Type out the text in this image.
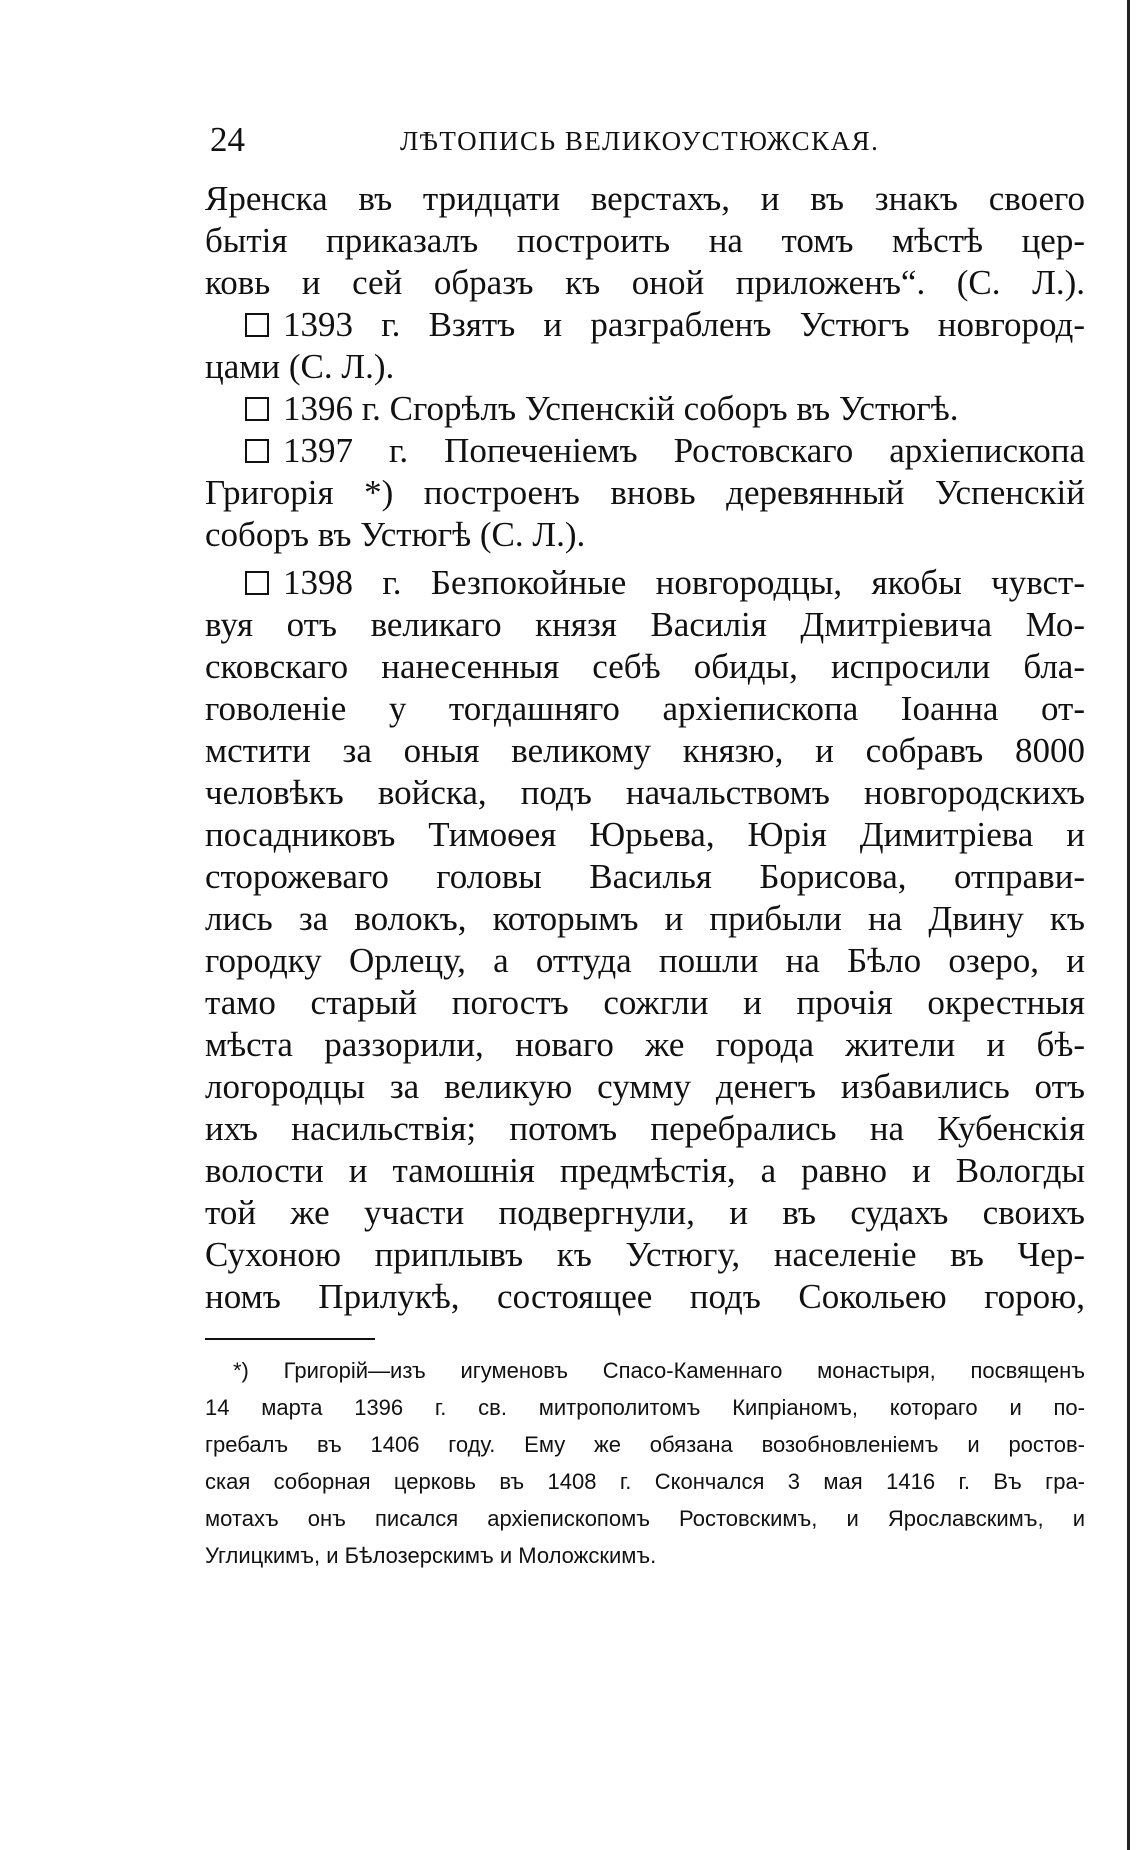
24	ЛѢТОПИСЬ ВЕЛИКОУСТЮЖСКАЯ.
Яренска въ тридцати верстахъ, и въ знакъ своего
бытія приказалъ построить на томъ мѣстѣ цер-
ковь и сей образъ къ оной приложенъ“. (С. Л.).
1393 г. Взятъ и разграбленъ Устюгъ новгород-
цами (С. Л.).
1396 г. Сгорѣлъ Успенскій соборъ въ Устюгѣ.
1397 г. Попеченіемъ Ростовскаго архіепископа
Григорія *) построенъ вновь деревянный Успенскій
соборъ въ Устюгѣ (С. Л.).
1398 г. Безпокойные новгородцы, якобы чувст-
вуя отъ великаго князя Василія Дмитріевича Мо-
сковскаго нанесенныя себѣ обиды, испросили бла-
говоленіе у тогдашняго архіепископа Іоанна от-
мстити за оныя великому князю, и собравъ 8000
человѣкъ войска, подъ начальствомъ новгородскихъ
посадниковъ Тимоѳея Юрьева, Юрія Димитріева и
сторожеваго головы Василья Борисова, отправи-
лись за волокъ, которымъ и прибыли на Двину къ
городку Орлецу, а оттуда пошли на Бѣло озеро, и
тамо старый погостъ сожгли и прочія окрестныя
мѣста раззорили, новаго же города жители и бѣ-
логородцы за великую сумму денегъ избавились отъ
ихъ насильствія; потомъ перебрались на Кубенскія
волости и тамошнія предмѣстія, а равно и Вологды
той же участи подвергнули, и въ судахъ своихъ
Сухоною приплывъ къ Устюгу, населеніе въ Чер-
номъ Прилукѣ, состоящее подъ Сокольею горою,
*) Григорій—изъ игуменовъ Спасо-Каменнаго монастыря, посвященъ
14 марта 1396 г. св. митрополитомъ Кипріаномъ, котораго и по-
гребалъ въ 1406 году. Ему же обязана возобновленіемъ и ростов-
ская соборная церковь въ 1408 г. Скончался 3 мая 1416 г. Въ гра-
мотахъ онъ писался архіепископомъ Ростовскимъ, и Ярославскимъ, и
Углицкимъ, и Бѣлозерскимъ и Моложскимъ.
